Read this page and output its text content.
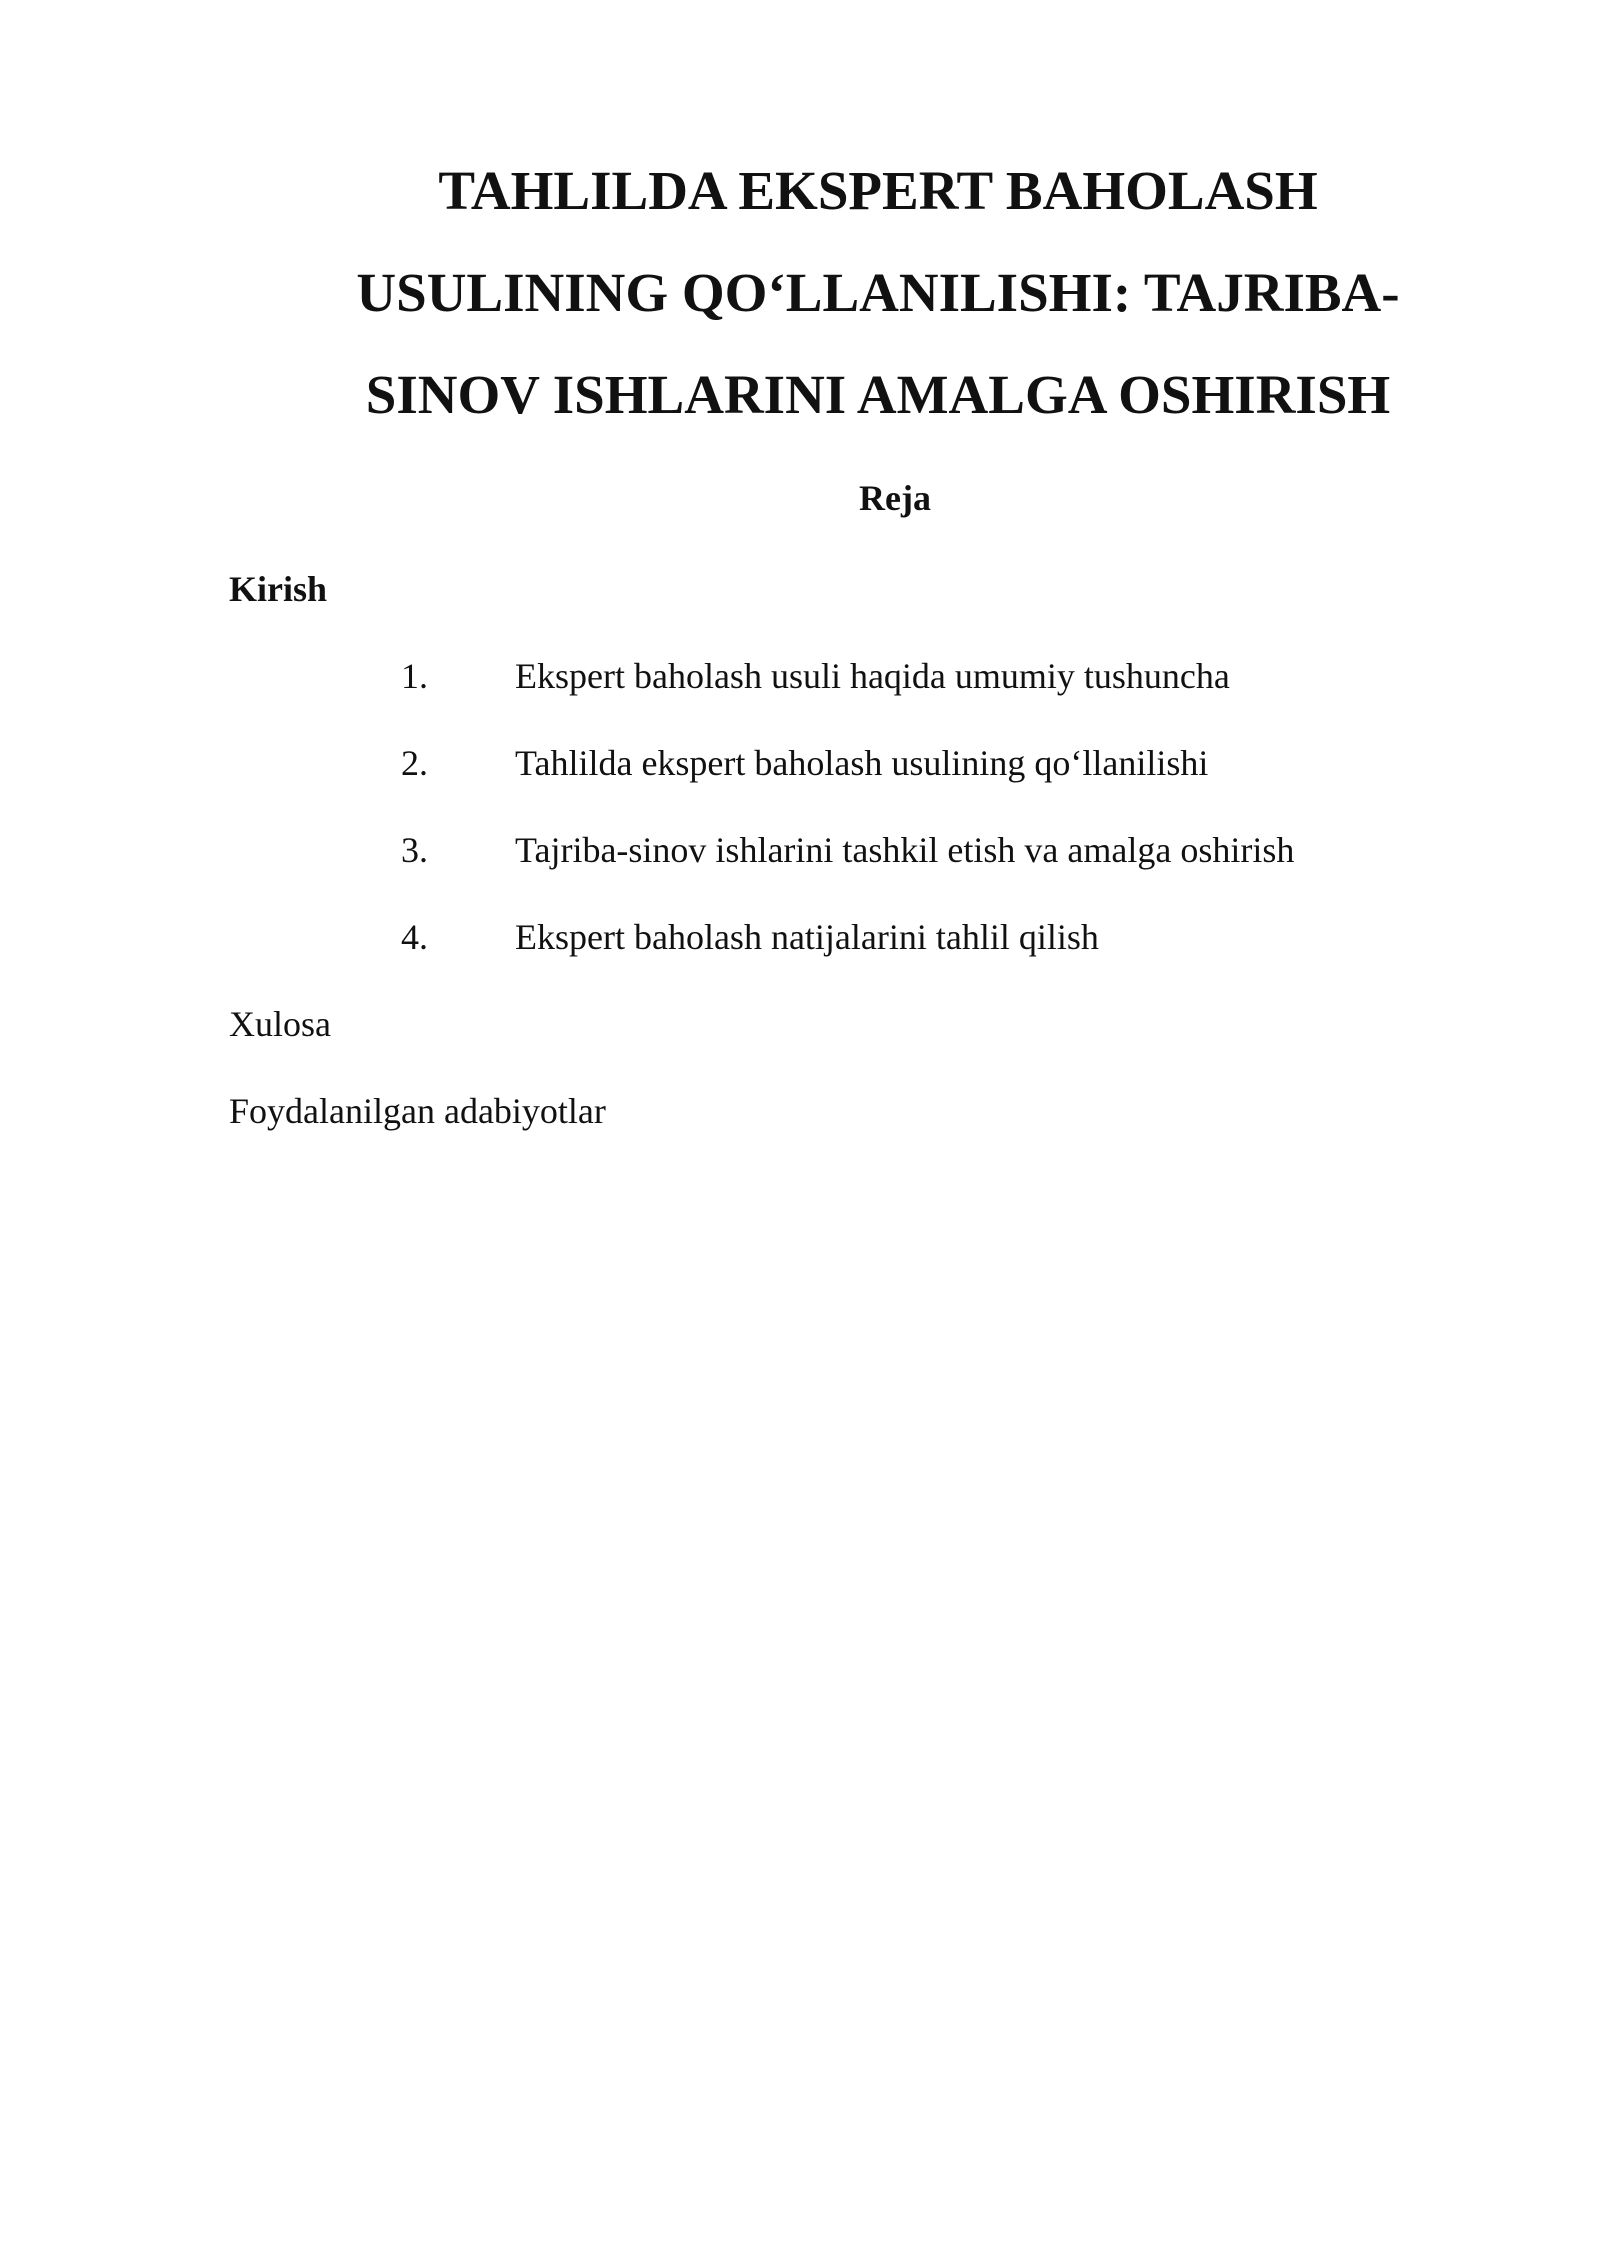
TAHLILDA EKSPERT BAHOLASH
USULINING QO‘LLANILISHI: TAJRIBA-
SINOV ISHLARINI AMALGA OSHIRISH

Reja

Kirish

1. Ekspert baholash usuli haqida umumiy tushuncha
2. Tahlilda ekspert baholash usulining qo‘llanilishi
3. Tajriba-sinov ishlarini tashkil etish va amalga oshirish
4. Ekspert baholash natijalarini tahlil qilish

Xulosa

Foydalanilgan adabiyotlar
